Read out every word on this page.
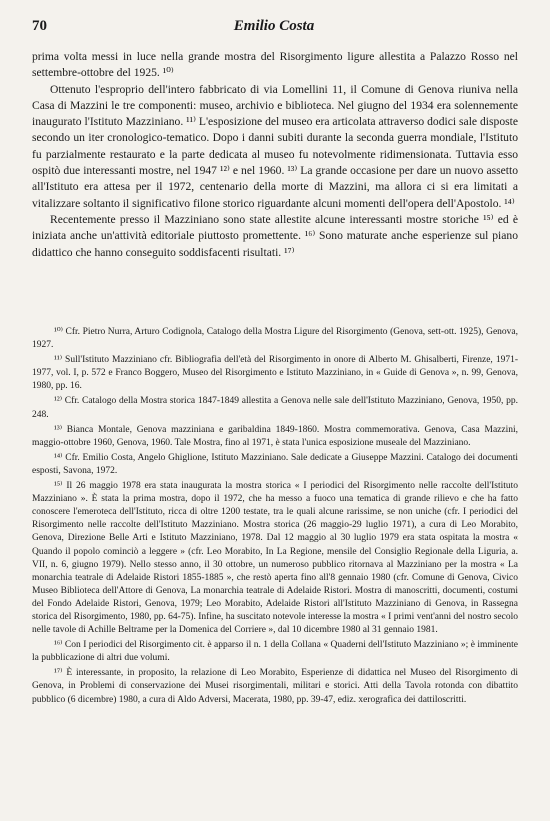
70	Emilio Costa

prima volta messi in luce nella grande mostra del Risorgimento ligure allestita a Palazzo Rosso nel settembre-ottobre del 1925. ¹⁰⁾

Ottenuto l'esproprio dell'intero fabbricato di via Lomellini 11, il Comune di Genova riuniva nella Casa di Mazzini le tre componenti: museo, archivio e biblioteca. Nel giugno del 1934 era solennemente inaugurato l'Istituto Mazziniano. ¹¹⁾ L'esposizione del museo era articolata attraverso dodici sale disposte secondo un iter cronologico-tematico. Dopo i danni subiti durante la seconda guerra mondiale, l'Istituto fu parzialmente restaurato e la parte dedicata al museo fu notevolmente ridimensionata. Tuttavia esso ospitò due interessanti mostre, nel 1947 ¹²⁾ e nel 1960. ¹³⁾ La grande occasione per dare un nuovo assetto all'Istituto era attesa per il 1972, centenario della morte di Mazzini, ma allora ci si era limitati a vitalizzare soltanto il significativo filone storico riguardante alcuni momenti dell'opera dell'Apostolo. ¹⁴⁾

Recentemente presso il Mazziniano sono state allestite alcune interessanti mostre storiche ¹⁵⁾ ed è iniziata anche un'attività editoriale piuttosto promettente. ¹⁶⁾ Sono maturate anche esperienze sul piano didattico che hanno conseguito soddisfacenti risultati. ¹⁷⁾

¹⁰⁾ Cfr. Pietro Nurra, Arturo Codignola, Catalogo della Mostra Ligure del Risorgimento (Genova, sett-ott. 1925), Genova, 1927.

¹¹⁾ Sull'Istituto Mazziniano cfr. Bibliografia dell'età del Risorgimento in onore di Alberto M. Ghisalberti, Firenze, 1971-1977, vol. I, p. 572 e Franco Boggero, Museo del Risorgimento e Istituto Mazziniano, in « Guide di Genova », n. 99, Genova, 1980, pp. 16.

¹²⁾ Cfr. Catalogo della Mostra storica 1847-1849 allestita a Genova nelle sale dell'Istituto Mazziniano, Genova, 1950, pp. 248.

¹³⁾ Bianca Montale, Genova mazziniana e garibaldina 1849-1860. Mostra commemorativa. Genova, Casa Mazzini, maggio-ottobre 1960, Genova, 1960. Tale Mostra, fino al 1971, è stata l'unica esposizione museale del Mazziniano.

¹⁴⁾ Cfr. Emilio Costa, Angelo Ghiglione, Istituto Mazziniano. Sale dedicate a Giuseppe Mazzini. Catalogo dei documenti esposti, Savona, 1972.

¹⁵⁾ Il 26 maggio 1978 era stata inaugurata la mostra storica « I periodici del Risorgimento nelle raccolte dell'Istituto Mazziniano ». È stata la prima mostra, dopo il 1972, che ha messo a fuoco una tematica di grande rilievo e che ha fatto conoscere l'emeroteca dell'Istituto, ricca di oltre 1200 testate, tra le quali alcune rarissime, se non uniche (cfr. I periodici del Risorgimento nelle raccolte dell'Istituto Mazziniano. Mostra storica (26 maggio-29 luglio 1971), a cura di Leo Morabito, Genova, Direzione Belle Arti e Istituto Mazziniano, 1978. Dal 12 maggio al 30 luglio 1979 era stata ospitata la mostra « Quando il popolo cominciò a leggere » (cfr. Leo Morabito, In La Regione, mensile del Consiglio Regionale della Liguria, a. VII, n. 6, giugno 1979). Nello stesso anno, il 30 ottobre, un numeroso pubblico ritornava al Mazziniano per la mostra « La monarchia teatrale di Adelaide Ristori 1855-1885 », che restò aperta fino all'8 gennaio 1980 (cfr. Comune di Genova, Civico Museo Biblioteca dell'Attore di Genova, La monarchia teatrale di Adelaide Ristori. Mostra di manoscritti, documenti, costumi del Fondo Adelaide Ristori, Genova, 1979; Leo Morabito, Adelaide Ristori all'Istituto Mazziniano di Genova, in Rassegna storica del Risorgimento, 1980, pp. 64-75). Infine, ha suscitato notevole interesse la mostra « I primi vent'anni del nostro secolo nelle tavole di Achille Beltrame per la Domenica del Corriere », dal 10 dicembre 1980 al 31 gennaio 1981.

¹⁶⁾ Con I periodici del Risorgimento cit. è apparso il n. 1 della Collana « Quaderni dell'Istituto Mazziniano »; è imminente la pubblicazione di altri due volumi.

¹⁷⁾ È interessante, in proposito, la relazione di Leo Morabito, Esperienze di didattica nel Museo del Risorgimento di Genova, in Problemi di conservazione dei Musei risorgimentali, militari e storici. Atti della Tavola rotonda con dibattito pubblico (6 dicembre) 1980, a cura di Aldo Adversi, Macerata, 1980, pp. 39-47, ediz. xerografica dei dattiloscritti.
